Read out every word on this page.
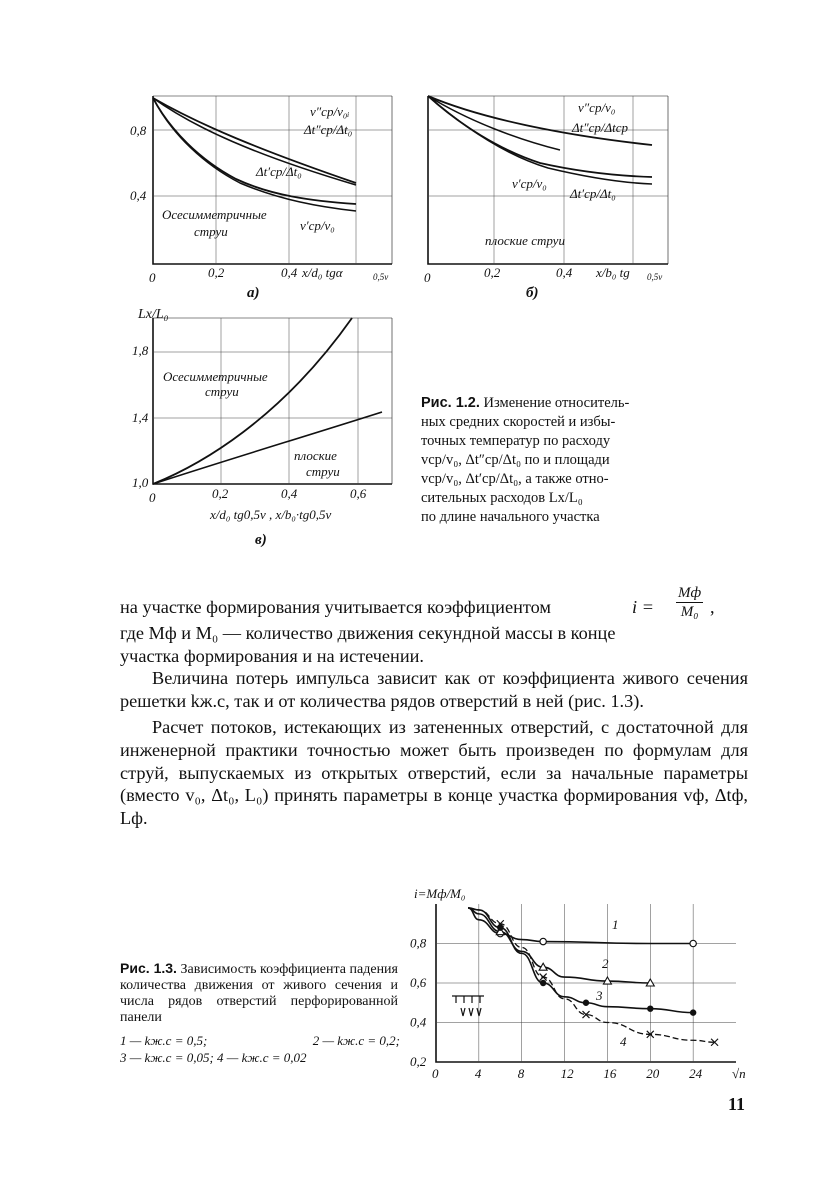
0,8
0,4
0	0,2	0,4 x/d₀ tgα	0,5v
v″ср/v₀ᵢ
Δt″ср/Δt₀
Δt′ср/Δt₀
v′ср/v₀
Осесимметричные
струи
а)
0	0,2	0,4 x/b₀ tg 0,5v
v″ср/v₀
Δt″ср/Δtср
v′ср/v₀
Δt′ср/Δt₀
плоские струи
б)
Lx/L₀
1,8
1,4
1,0
0	0,2	0,4	0,6
x/d₀ tg0,5v , x/b₀·tg0,5v
Осесимметричные
струи
плоские
струи
в)
Рис. 1.2. Изменение относитель-
ных средних скоростей и избы-
точных температур по расходу
vср/v₀, Δt″ср/Δt₀ по и площади
vср/v₀, Δt′ср/Δt₀, а также отно-
сительных расходов Lx/L₀
по длине начального участка

на участке формирования учитывается коэффициентом	i =
Mф
M₀ ,

где Mф и M₀ — количество движения секундной массы в конце

участка формирования и на истечении.

Величина потерь импульса зависит как от коэффициента живого сечения решетки kж.с, так и от количества рядов отверстий в ней (рис. 1.3).

Расчет потоков, истекающих из затененных отверстий, с достаточной для инженерной практики точностью может быть произведен по формулам для струй, выпускаемых из открытых отверстий, если за начальные параметры (вместо v₀, Δt₀, L₀) принять параметры в конце участка формирования vф, Δtф, Lф.

Рис. 1.3. Зависимость коэффициента падения количества движения от живого сечения и числа рядов отверстий перфорированной панели
1 — kж.с = 0,5;	2 — kж.с = 0,2;
3 — kж.с = 0,05; 4 — kж.с = 0,02
1
2
3
4
0,8
0,6
0,4
0,2
0	4	8	12 16 20 24 √n
i=Mф/M₀
11
